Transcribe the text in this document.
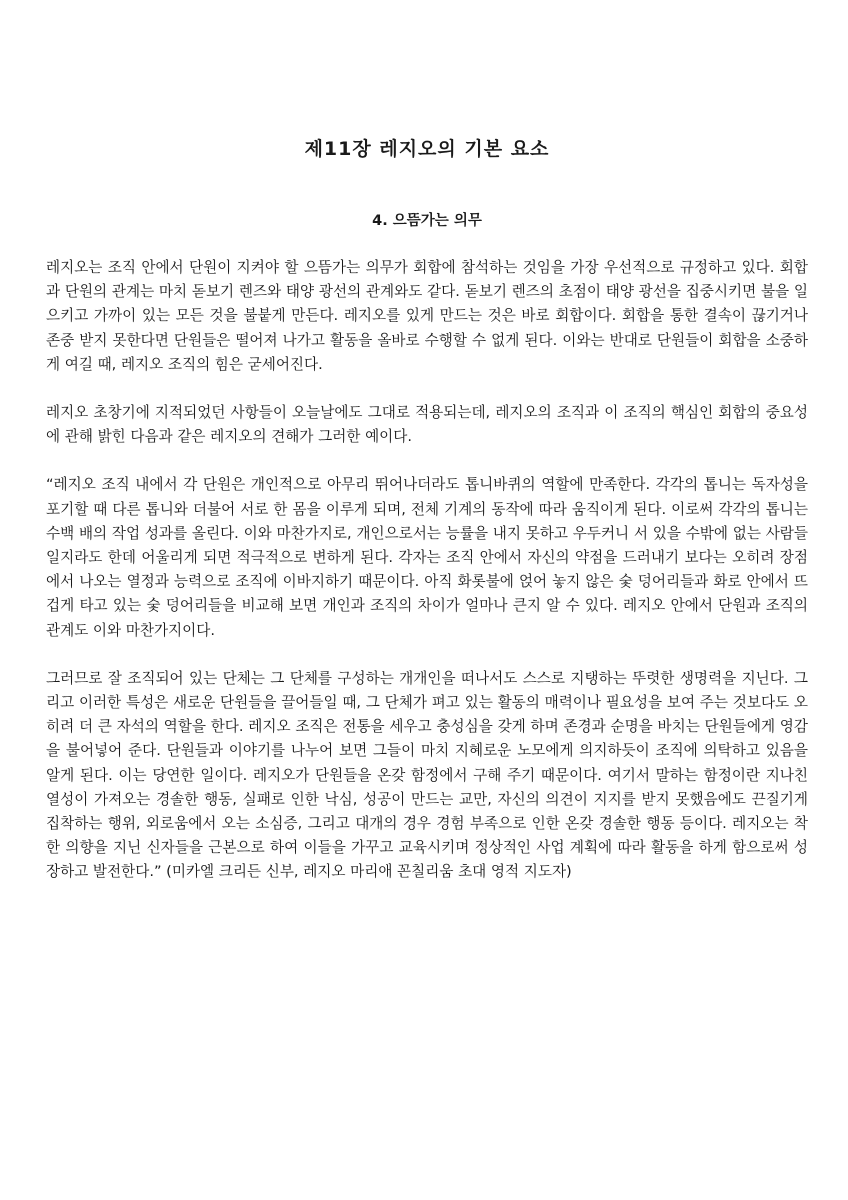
제11장 레지오의 기본 요소
4. 으뜸가는 의무

레지오는 조직 안에서 단원이 지켜야 할 으뜸가는 의무가 회합에 참석하는 것임을 가장 우선적으로 규정하고 있다. 회합과 단원의 관계는 마치 돋보기 렌즈와 태양 광선의 관계와도 같다. 돋보기 렌즈의 초점이 태양 광선을 집중시키면 불을 일으키고 가까이 있는 모든 것을 불붙게 만든다. 레지오를 있게 만드는 것은 바로 회합이다. 회합을 통한 결속이 끊기거나 존중 받지 못한다면 단원들은 떨어져 나가고 활동을 올바로 수행할 수 없게 된다. 이와는 반대로 단원들이 회합을 소중하게 여길 때, 레지오 조직의 힘은 굳세어진다.

레지오 초창기에 지적되었던 사항들이 오늘날에도 그대로 적용되는데, 레지오의 조직과 이 조직의 핵심인 회합의 중요성에 관해 밝힌 다음과 같은 레지오의 견해가 그러한 예이다.

“레지오 조직 내에서 각 단원은 개인적으로 아무리 뛰어나더라도 톱니바퀴의 역할에 만족한다. 각각의 톱니는 독자성을 포기할 때 다른 톱니와 더불어 서로 한 몸을 이루게 되며, 전체 기계의 동작에 따라 움직이게 된다. 이로써 각각의 톱니는 수백 배의 작업 성과를 올린다. 이와 마찬가지로, 개인으로서는 능률을 내지 못하고 우두커니 서 있을 수밖에 없는 사람들일지라도 한데 어울리게 되면 적극적으로 변하게 된다. 각자는 조직 안에서 자신의 약점을 드러내기 보다는 오히려 장점에서 나오는 열정과 능력으로 조직에 이바지하기 때문이다. 아직 화롯불에 얹어 놓지 않은 숯 덩어리들과 화로 안에서 뜨겁게 타고 있는 숯 덩어리들을 비교해 보면 개인과 조직의 차이가 얼마나 큰지 알 수 있다. 레지오 안에서 단원과 조직의 관계도 이와 마찬가지이다.

그러므로 잘 조직되어 있는 단체는 그 단체를 구성하는 개개인을 떠나서도 스스로 지탱하는 뚜렷한 생명력을 지닌다. 그리고 이러한 특성은 새로운 단원들을 끌어들일 때, 그 단체가 펴고 있는 활동의 매력이나 필요성을 보여 주는 것보다도 오히려 더 큰 자석의 역할을 한다. 레지오 조직은 전통을 세우고 충성심을 갖게 하며 존경과 순명을 바치는 단원들에게 영감을 불어넣어 준다. 단원들과 이야기를 나누어 보면 그들이 마치 지혜로운 노모에게 의지하듯이 조직에 의탁하고 있음을 알게 된다. 이는 당연한 일이다. 레지오가 단원들을 온갖 함정에서 구해 주기 때문이다. 여기서 말하는 함정이란 지나친 열성이 가져오는 경솔한 행동, 실패로 인한 낙심, 성공이 만드는 교만, 자신의 의견이 지지를 받지 못했음에도 끈질기게 집착하는 행위, 외로움에서 오는 소심증, 그리고 대개의 경우 경험 부족으로 인한 온갖 경솔한 행동 등이다. 레지오는 착한 의향을 지닌 신자들을 근본으로 하여 이들을 가꾸고 교육시키며 정상적인 사업 계획에 따라 활동을 하게 함으로써 성장하고 발전한다.” (미카엘 크리든 신부, 레지오 마리애 꼰칠리움 초대 영적 지도자)
